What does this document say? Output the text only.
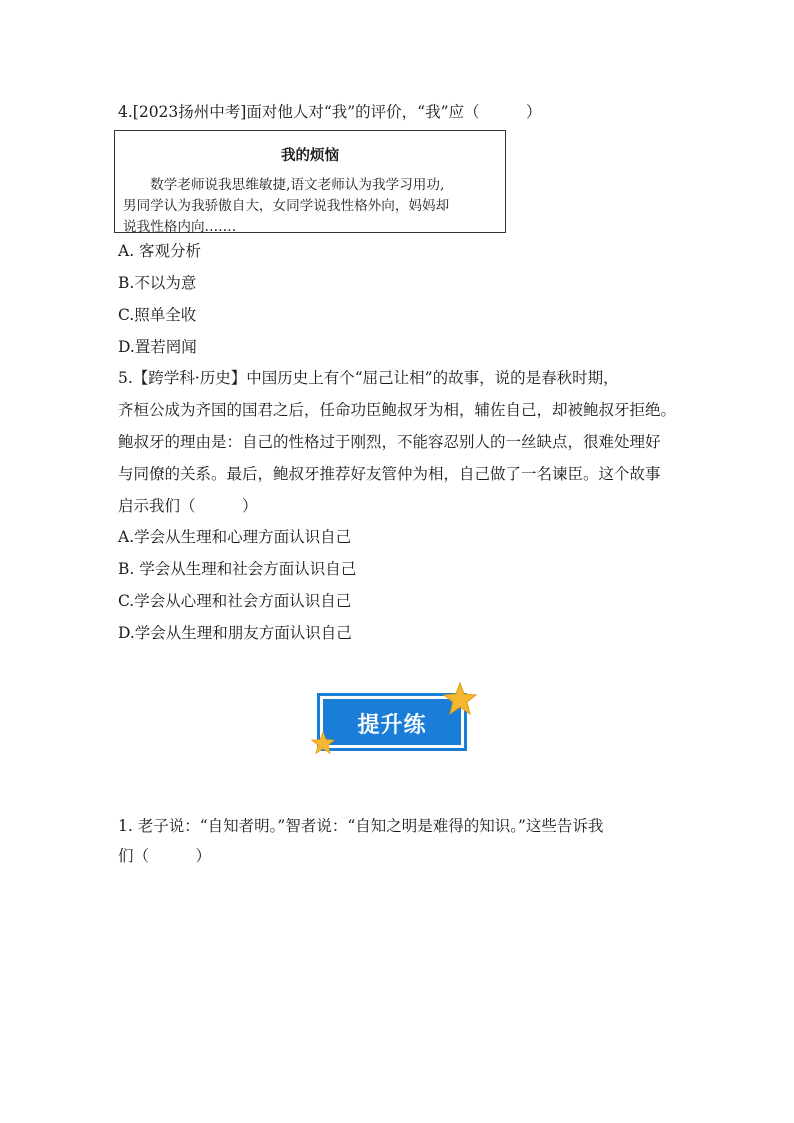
4.[2023扬州中考]面对他人对“我”的评价，“我”应（　　　）
我的烦恼
　　数学老师说我思维敏捷,语文老师认为我学习用功,
男同学认为我骄傲自大，女同学说我性格外向，妈妈却
说我性格内向…….
A. 客观分析
B.不以为意
C.照单全收
D.置若罔闻
5.【跨学科·历史】中国历史上有个“屈己让相”的故事，说的是春秋时期，
齐桓公成为齐国的国君之后，任命功臣鲍叔牙为相，辅佐自己，却被鲍叔牙拒绝。
鲍叔牙的理由是：自己的性格过于刚烈，不能容忍别人的一丝缺点，很难处理好
与同僚的关系。最后，鲍叔牙推荐好友管仲为相，自己做了一名谏臣。这个故事
启示我们（　　　）
A.学会从生理和心理方面认识自己
B. 学会从生理和社会方面认识自己
C.学会从心理和社会方面认识自己
D.学会从生理和朋友方面认识自己
提升练
1. 老子说：“自知者明。”智者说：“自知之明是难得的知识。”这些告诉我
们（　　　）
